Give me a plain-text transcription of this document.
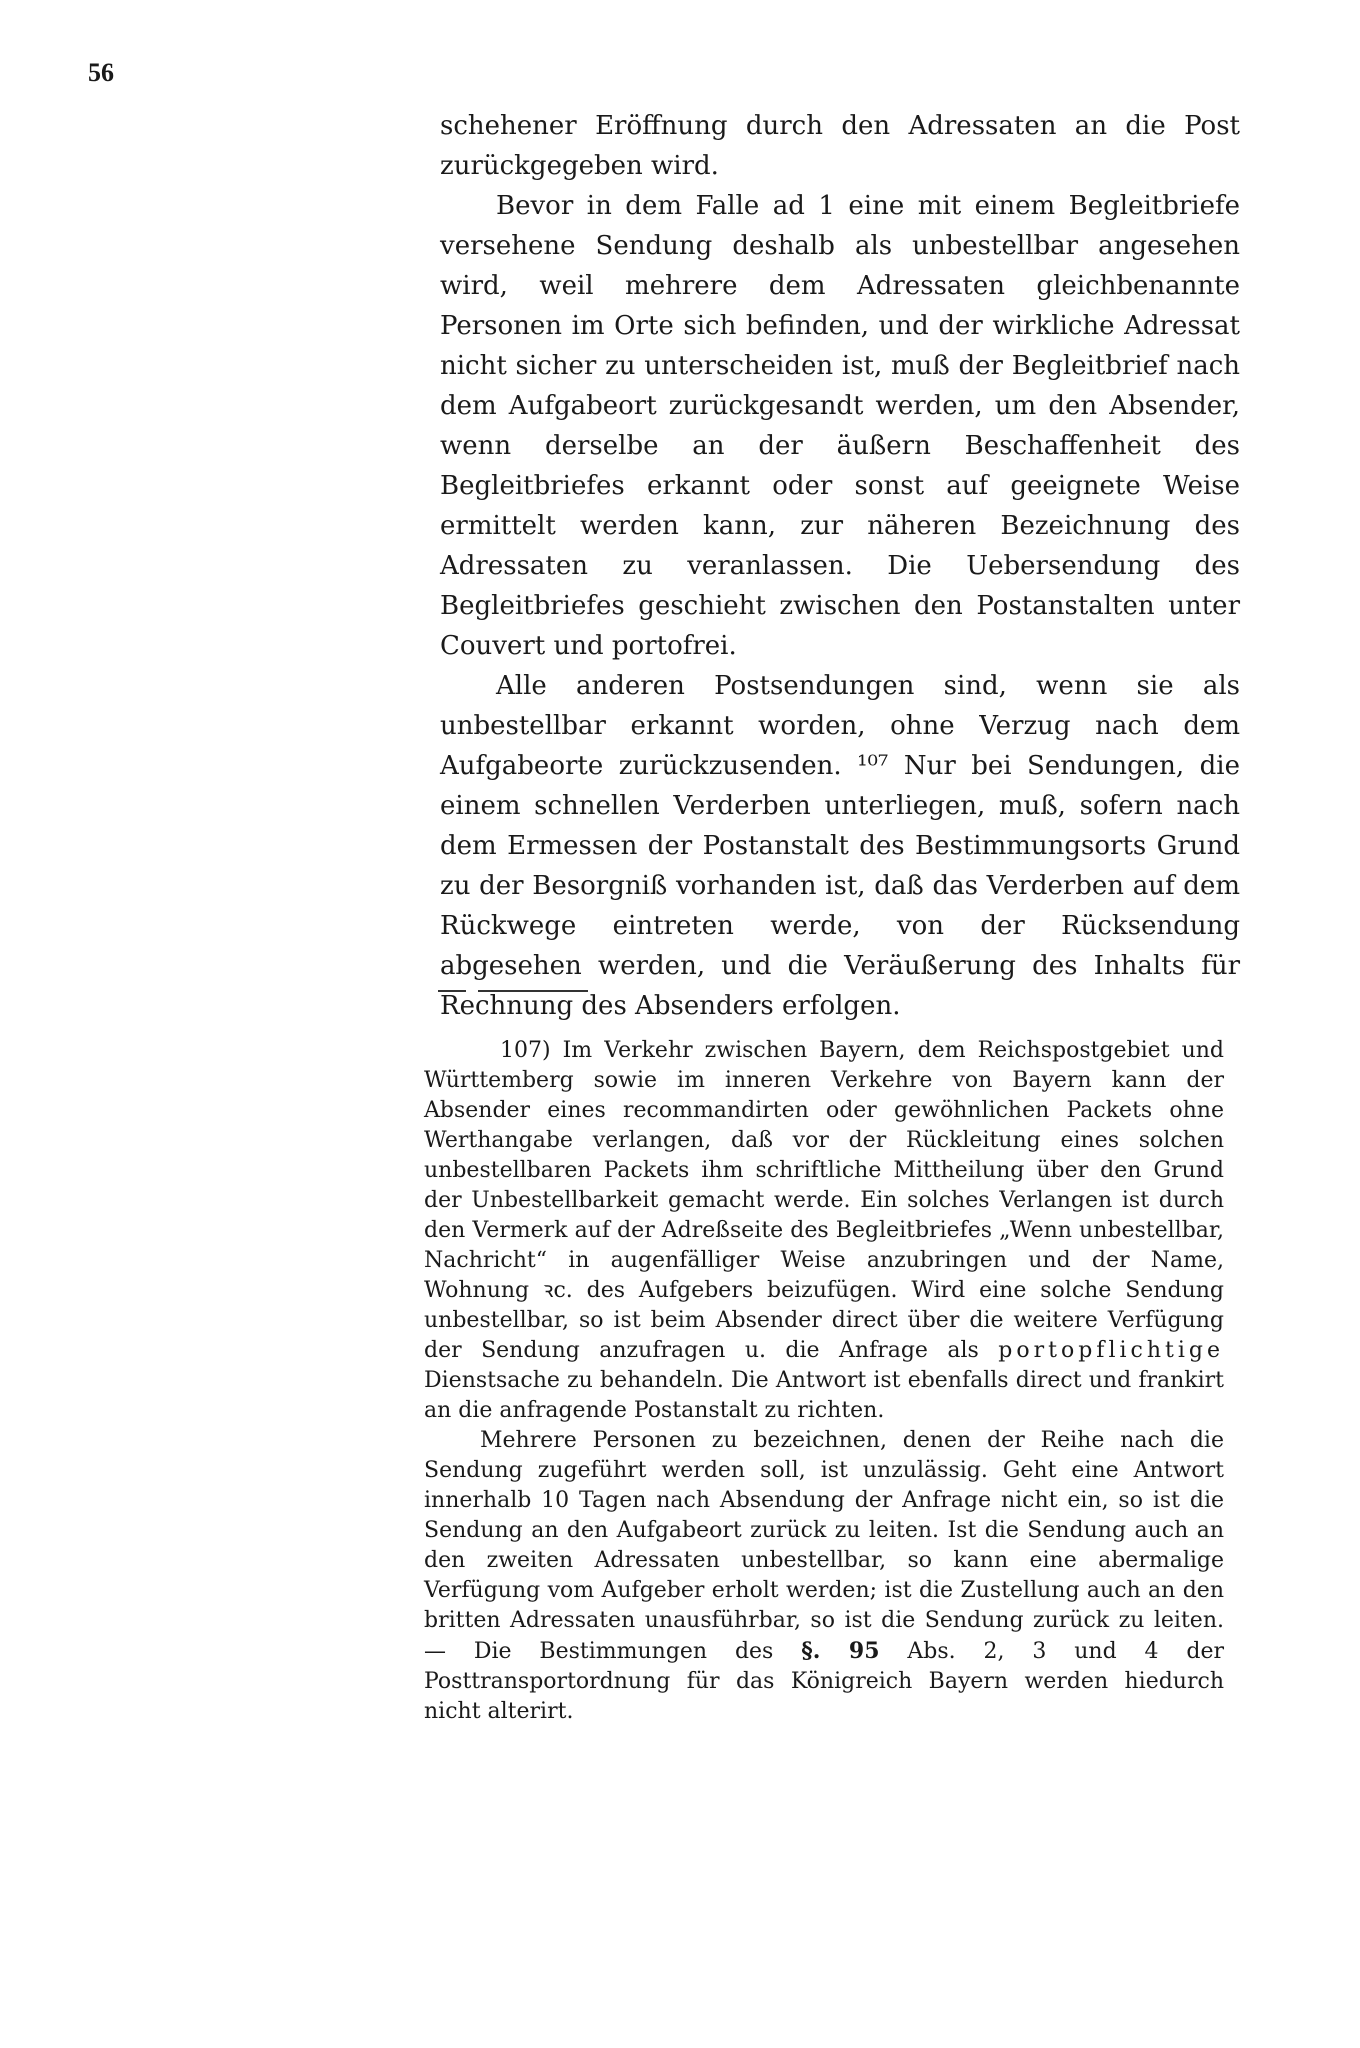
56

schehener Eröffnung durch den Adressaten an die Post zurückgegeben wird.

Bevor in dem Falle ad 1 eine mit einem Begleitbriefe versehene Sendung deshalb als unbestellbar angesehen wird, weil mehrere dem Adressaten gleichbenannte Personen im Orte sich befinden, und der wirkliche Adressat nicht sicher zu unterscheiden ist, muß der Begleitbrief nach dem Aufgabeort zurückgesandt werden, um den Absender, wenn derselbe an der äußern Beschaffenheit des Begleitbriefes erkannt oder sonst auf geeignete Weise ermittelt werden kann, zur näheren Bezeichnung des Adressaten zu veranlassen. Die Uebersendung des Begleitbriefes geschieht zwischen den Postanstalten unter Couvert und portofrei.

Alle anderen Postsendungen sind, wenn sie als unbestellbar erkannt worden, ohne Verzug nach dem Aufgabeorte zurückzusenden. ¹⁰⁷ Nur bei Sendungen, die einem schnellen Verderben unterliegen, muß, sofern nach dem Ermessen der Postanstalt des Bestimmungsorts Grund zu der Besorgniß vorhanden ist, daß das Verderben auf dem Rückwege eintreten werde, von der Rücksendung abgesehen werden, und die Veräußerung des Inhalts für Rechnung des Absenders erfolgen.

107) Im Verkehr zwischen Bayern, dem Reichspostgebiet und Württemberg sowie im inneren Verkehre von Bayern kann der Absender eines recommandirten oder gewöhnlichen Packets ohne Werthangabe verlangen, daß vor der Rückleitung eines solchen unbestellbaren Packets ihm schriftliche Mittheilung über den Grund der Unbestellbarkeit gemacht werde. Ein solches Verlangen ist durch den Vermerk auf der Adreßseite des Begleitbriefes „Wenn unbestellbar, Nachricht“ in augenfälliger Weise anzubringen und der Name, Wohnung ꝛc. des Aufgebers beizufügen. Wird eine solche Sendung unbestellbar, so ist beim Absender direct über die weitere Verfügung der Sendung anzufragen u. die Anfrage als portopflichtige Dienstsache zu behandeln. Die Antwort ist ebenfalls direct und frankirt an die anfragende Postanstalt zu richten.

Mehrere Personen zu bezeichnen, denen der Reihe nach die Sendung zugeführt werden soll, ist unzulässig. Geht eine Antwort innerhalb 10 Tagen nach Absendung der Anfrage nicht ein, so ist die Sendung an den Aufgabeort zurück zu leiten. Ist die Sendung auch an den zweiten Adressaten unbestellbar, so kann eine abermalige Verfügung vom Aufgeber erholt werden; ist die Zustellung auch an den britten Adressaten unausführbar, so ist die Sendung zurück zu leiten. — Die Bestimmungen des §. 95 Abs. 2, 3 und 4 der Posttransportordnung für das Königreich Bayern werden hiedurch nicht alterirt.
